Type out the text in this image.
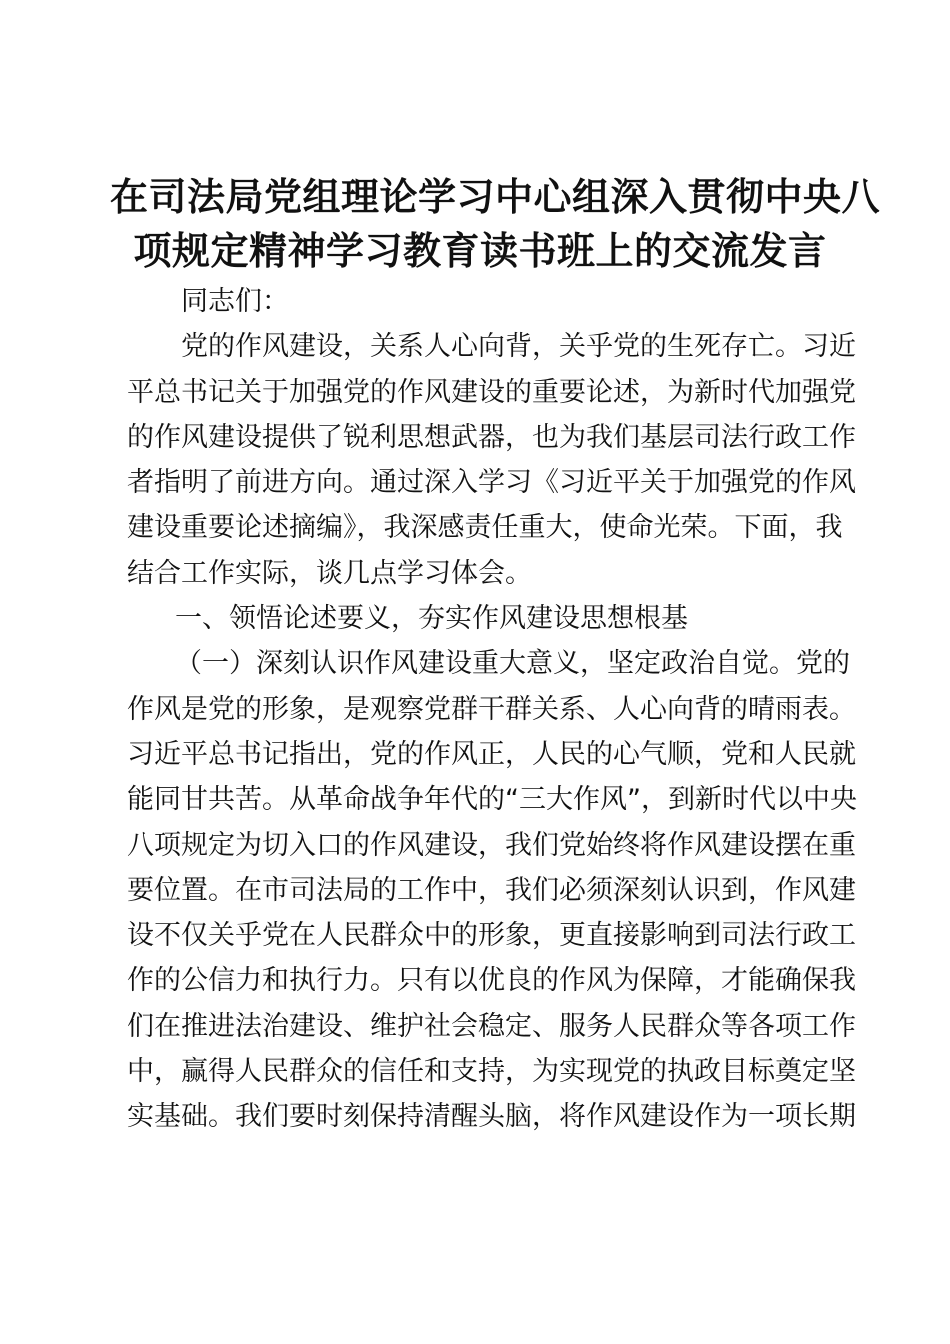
在司法局党组理论学习中心组深入贯彻中央八
项规定精神学习教育读书班上的交流发言
同志们：
党的作风建设，关系人心向背，关乎党的生死存亡。习近
平总书记关于加强党的作风建设的重要论述，为新时代加强党
的作风建设提供了锐利思想武器，也为我们基层司法行政工作
者指明了前进方向。通过深入学习《习近平关于加强党的作风
建设重要论述摘编》，我深感责任重大，使命光荣。下面，我
结合工作实际，谈几点学习体会。
一、领悟论述要义，夯实作风建设思想根基
（一）深刻认识作风建设重大意义，坚定政治自觉。党的
作风是党的形象，是观察党群干群关系、人心向背的晴雨表。
习近平总书记指出，党的作风正，人民的心气顺，党和人民就
能同甘共苦。从革命战争年代的“三大作风”，到新时代以中央
八项规定为切入口的作风建设，我们党始终将作风建设摆在重
要位置。在市司法局的工作中，我们必须深刻认识到，作风建
设不仅关乎党在人民群众中的形象，更直接影响到司法行政工
作的公信力和执行力。只有以优良的作风为保障，才能确保我
们在推进法治建设、维护社会稳定、服务人民群众等各项工作
中，赢得人民群众的信任和支持，为实现党的执政目标奠定坚
实基础。我们要时刻保持清醒头脑，将作风建设作为一项长期
